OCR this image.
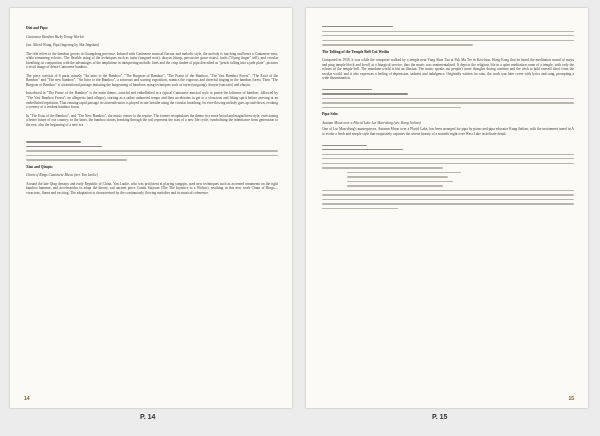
Dizi and Pipa:

Cantonese Bamboo Bicky Yeung Wai-kit

(arr. Alfred Wong, Pipa fingering by Sha Jingshan)

The title refers to the bamboo groves in Guangdong province. Infused with Cantonese musical flavour and melodic style, the melody is touching and bears a Cantonese-ness, while remaining eclectic. The flexible using of the techniques such as tuyin (tongued note), duoyin (sharp, percussive grace notes), fuzhi ("flying finger" trill), and circular breathing, in conjunction with the advantages of the amphitone in interpreting melodic lines and the crisp timbre of pipa described as "pearls falling into a jade plate", pictures a vivid image of dense Cantonese bamboo.

The piece consists of 6 parts, namely "An intro to the Bamboo", "The Burgeon of Bamboo", "The Praise of the Bamboo, "The Vast Bamboo Forest", "The Exist of the Bamboo" and "The new bamboo". "An Intro to the Bamboo", a sonorous and soaring exposition, mimics the vigorous and cheerful singing in the bamboo forest. Then "The Burgeon of Bamboo" is a transitional passage imitating the burgeoning of bamboos using techniques such as tuyin (tonguing), duoyin (staccato) and zhuyin.

Introduced in "The Praise of the Bamboo" is the main theme—tuneful and embellished in a typical Cantonese musical style to praise the loftiness of bamboo, followed by "The Vast Bamboo Forest", an allegretto (and allegro), starting as a rather unhurried tempo and then accelerates to get to a vivacious and lilting spirit before arriving at an embellished repetition. That ensuing rapid passage in sixteenth-notes is played in one breathe using the circular breathing. Its ever-flowing melody goes up-and-down, evoking a scenery of a verdant bamboo forest.

In "The Exist of the Bamboo", and "The New Bamboo", the music comes to the reprise. The former recapitulates the theme in a more broad and magnificent style, envisioning a better future of our country; in the latter, the bamboo shoots breaking through the soil represent the start of a new life cycle, symbolising the inheritance from generation to the rest, also the beginning of a new era.

Xiao and Qinqin:

Chain of Rings Cantonese Music (arr. Yan Laolie)

Around the late Qing dynasty and early Republic of China, Yan Laolie, who was proficient at playing yangqin, used new techniques such as accented ornaments on the right bamboo hammer, and accelerandos to adapt the dreary, sad ancient piece Cuizhi Suiyuan (The The Injustice to a Widow), resulting in this new work Chain of Rings—vivacious, fluent and exciting. The adaptation is characterised by the continuously flowing melodies and its musical coherence.

14

The Tolling of the Temple Bell Cui Weilin

Composed in 1939, it was while the composer walked by a temple near Yung Shue Tau at Yuk Ma Ter in Kowloon, Hong Kong that he heard the meditation sound of muyu and ping temple block and bowl) at a liturgical service, thus the music was sentimentalised. It depicts the religious life in a quiet meditation room of a temple, with only the echoes of the temple bell. The mundane world is but an illusion. The music speaks out people's inner thoughts during wartime and the wish to hold oneself aloof from the secular world, and it also expresses a feeling of depression, sadness and indulgence. Originally written for xiao, the work was later cover with lyrics and sung, prompting a wide dissemination.

Pipa Solo:

Autumn Moon over a Placid Lake Lui Man-shing (arr. Kung Jinlian)

One of Lui Man-shing's masterpieces, Autumn Moon over a Placid Lake, has been arranged for pipa by piano and pipa educator Kung Jinlian, with the instrument tuned in A to evoke a fresh and simple style that exquisitely captures the serene beauty of a moonlit night over West Lake in delicate detail.

15
P. 14	P. 15
